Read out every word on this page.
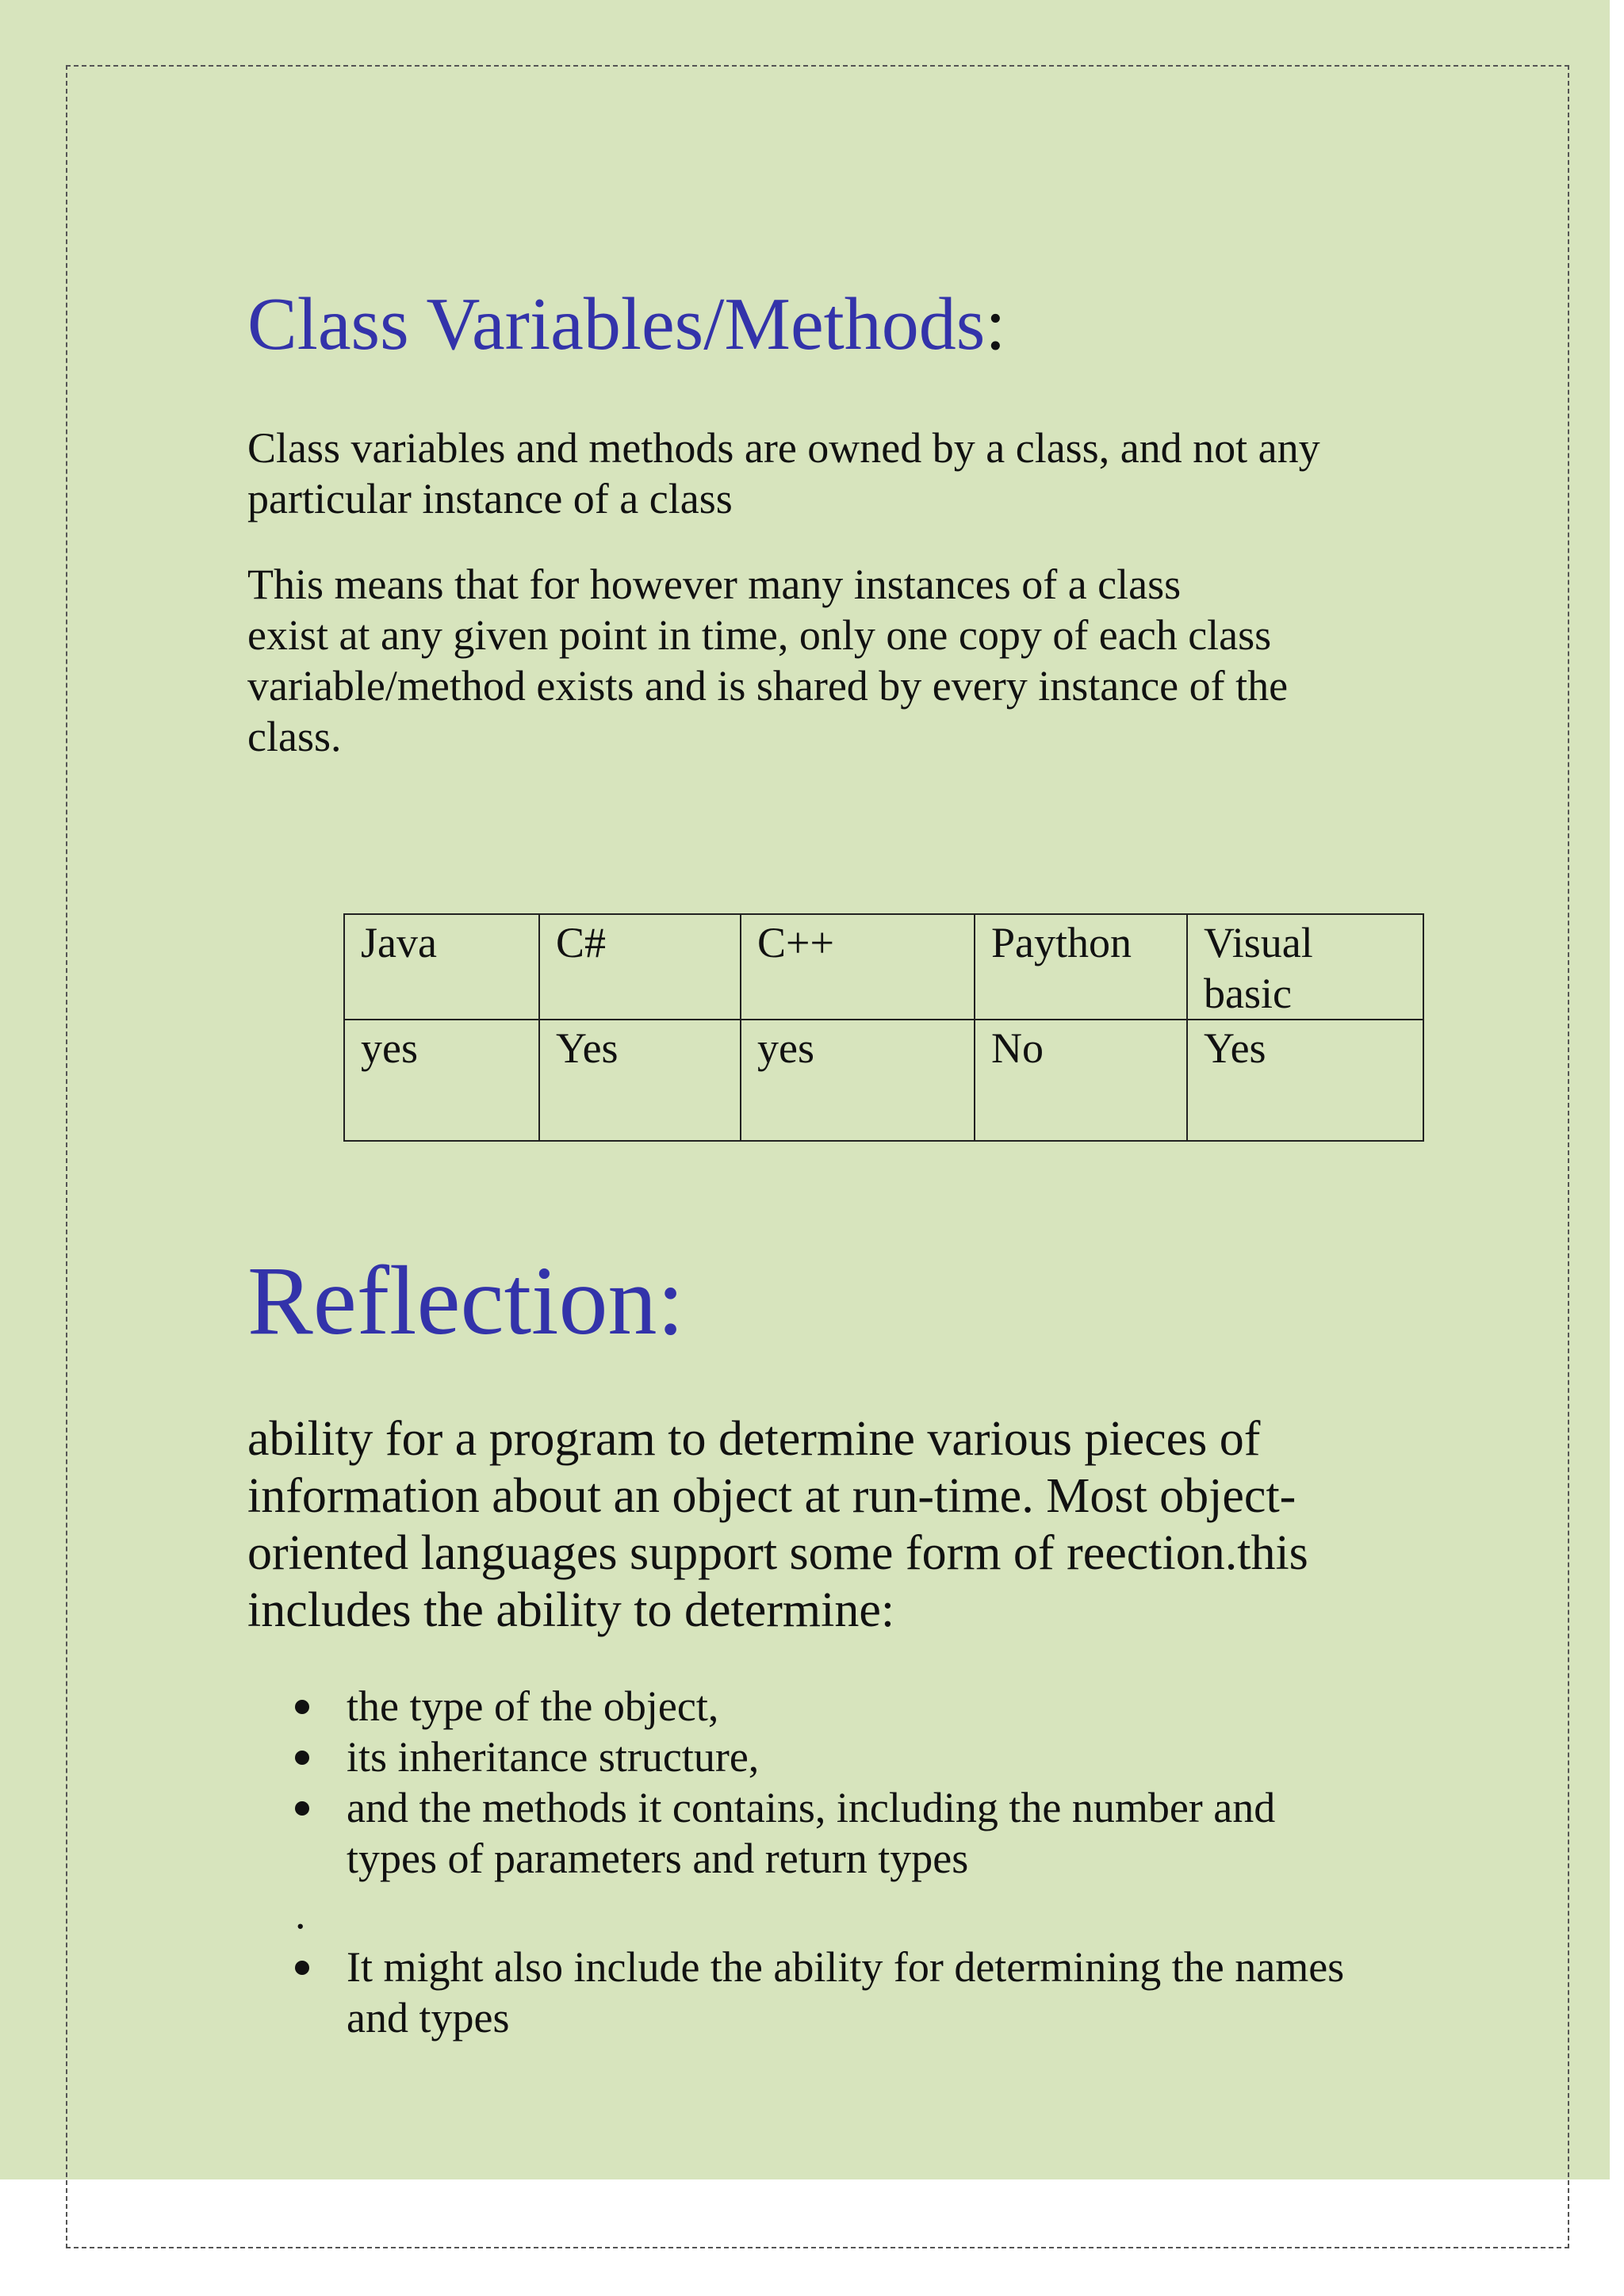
Class Variables/Methods:

Class variables and methods are owned by a class, and not any
particular instance of a class

This means that for however many instances of a class
exist at any given point in time, only one copy of each class
variable/method exists and is shared by every instance of the
class.

Java	C#	C++	Paython	Visual
basic

yes	Yes	yes	No	Yes
Reflection:

ability for a program to determine various pieces of
information about an object at run-time. Most object-
oriented languages support some form of reection.this
includes the ability to determine:

the type of the object,
its inheritance structure,
and the methods it contains, including the number and
types of parameters and return types
It might also include the ability for determining the names
and types
.
